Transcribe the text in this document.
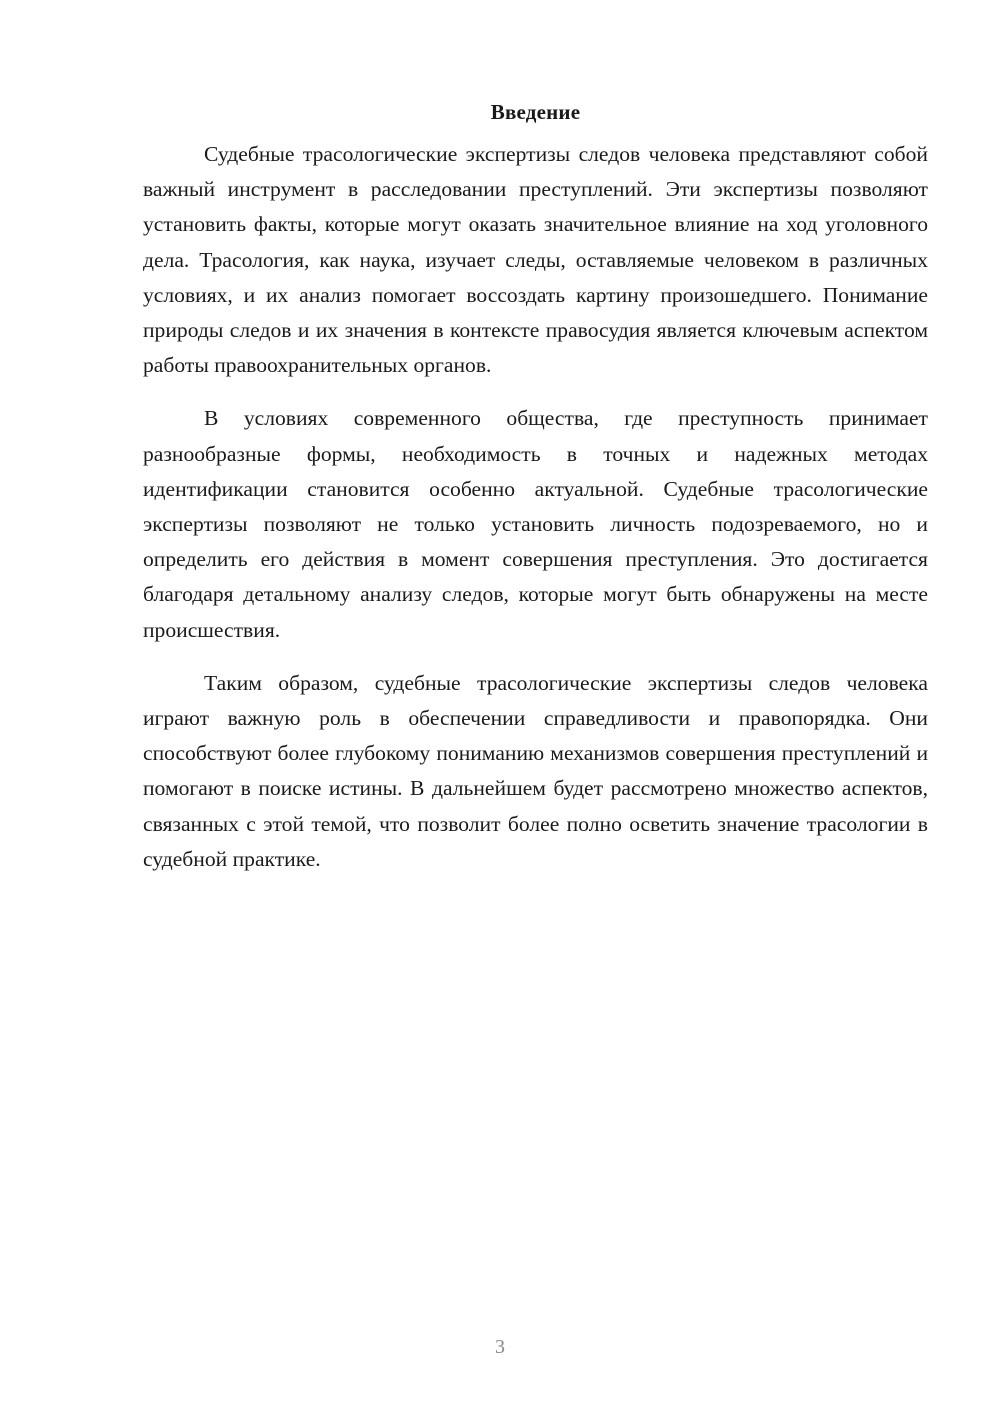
Введение

Судебные трасологические экспертизы следов человека представляют собой важный инструмент в расследовании преступлений. Эти экспертизы позволяют установить факты, которые могут оказать значительное влияние на ход уголовного дела. Трасология, как наука, изучает следы, оставляемые человеком в различных условиях, и их анализ помогает воссоздать картину произошедшего. Понимание природы следов и их значения в контексте правосудия является ключевым аспектом работы правоохранительных органов.

В условиях современного общества, где преступность принимает разнообразные формы, необходимость в точных и надежных методах идентификации становится особенно актуальной. Судебные трасологические экспертизы позволяют не только установить личность подозреваемого, но и определить его действия в момент совершения преступления. Это достигается благодаря детальному анализу следов, которые могут быть обнаружены на месте происшествия.

Таким образом, судебные трасологические экспертизы следов человека играют важную роль в обеспечении справедливости и правопорядка. Они способствуют более глубокому пониманию механизмов совершения преступлений и помогают в поиске истины. В дальнейшем будет рассмотрено множество аспектов, связанных с этой темой, что позволит более полно осветить значение трасологии в судебной практике.

3
